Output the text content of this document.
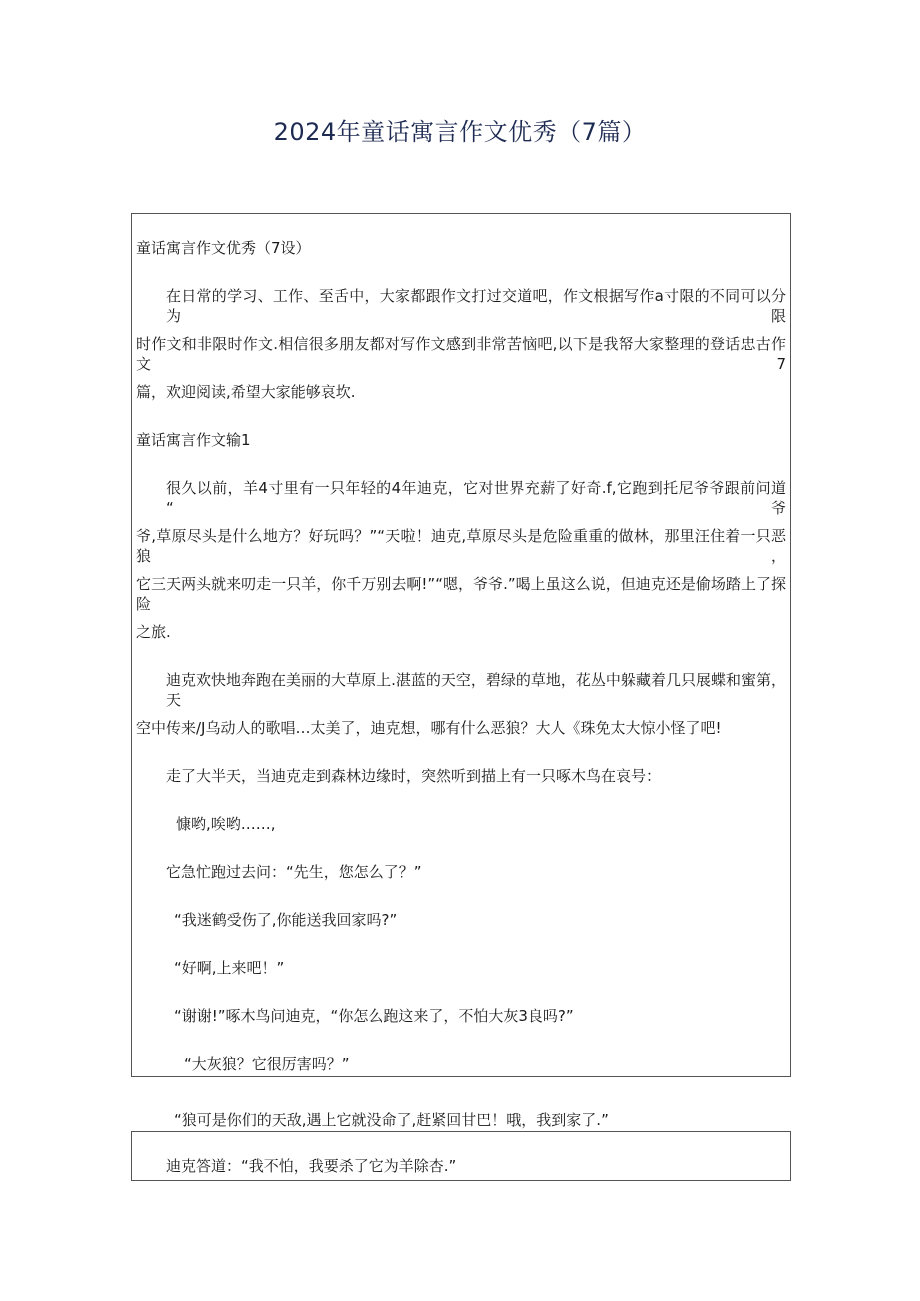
2024年童话寓言作文优秀（7篇）
童话寓言作文优秀（7设）
在日常的学习、工作、至舌中，大家都跟作文打过交道吧，作文根据写作a寸限的不同可以分为限
时作文和非限时作文.相信很多朋友都对写作文感到非常苦恼吧,以下是我帑大家整理的登话忠古作文7
篇，欢迎阅读,希望大家能够哀坎.
童话寓言作文输1
很久以前，羊4寸里有一只年轻的4年迪克，它对世界充薪了好奇.f,它跑到托尼爷爷跟前问道 “爷
爷,草原尽头是什么地方？好玩吗？”“天啦！迪克,草原尽头是危险重重的做林，那里汪住着一只恶狼，
它三天两头就来叨走一只羊，你千万别去啊!”“嗯，爷爷.”喝上虽这么说，但迪克还是偷场踏上了探险
之旅.
迪克欢快地奔跑在美丽的大草原上.湛蓝的天空，碧绿的草地，花丛中躲藏着几只展蝶和蜜第，天
空中传来/J乌动人的歌唱…太美了，迪克想，哪有什么恶狼？大人《珠免太大惊小怪了吧!
走了大半天，当迪克走到森林边缘时，突然听到描上有一只啄木鸟在哀号：
慷哟,唉哟……,
它急忙跑过去问：“先生，您怎么了？”
“我迷鹤受伤了,你能送我回家吗?”
“好啊,上来吧！”
“谢谢!”啄木鸟问迪克，“你怎么跑这来了，不怕大灰3良吗?”
“大灰狼？它很厉害吗？”
“狼可是你们的天敌,遇上它就没命了,赶紧回甘巴！哦，我到家了.”
迪克答道：“我不怕，我要杀了它为羊除杏.”
